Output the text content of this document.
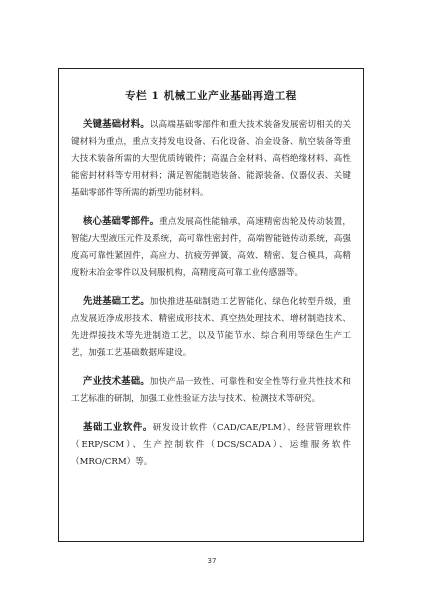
专栏 1 机械工业产业基础再造工程

关键基础材料。以高端基础零部件和重大技术装备发展密切相关的关键材料为重点，重点支持发电设备、石化设备、冶金设备、航空装备等重大技术装备所需的大型优质铸锻件；高温合金材料、高档绝缘材料、高性能密封材料等专用材料；满足智能制造装备、能源装备、仪器仪表、关键基础零部件等所需的新型功能材料。

核心基础零部件。重点发展高性能轴承，高速精密齿轮及传动装置，智能/大型液压元件及系统，高可靠性密封件，高端智能链传动系统，高强度高可靠性紧固件，高应力、抗疲劳弹簧，高效、精密、复合模具，高精度粉末冶金零件以及伺服机构，高精度高可靠工业传感器等。

先进基础工艺。加快推进基础制造工艺智能化、绿色化转型升级，重点发展近净成形技术、精密成形技术、真空热处理技术、增材制造技术、先进焊接技术等先进制造工艺，以及节能节水、综合利用等绿色生产工艺，加强工艺基础数据库建设。

产业技术基础。加快产品一致性、可靠性和安全性等行业共性技术和工艺标准的研制，加强工业性验证方法与技术、检测技术等研究。

基础工业软件。研发设计软件（CAD/CAE/PLM）、经营管理软件（ERP/SCM）、生产控制软件（DCS/SCADA）、运维服务软件（MRO/CRM）等。

37
